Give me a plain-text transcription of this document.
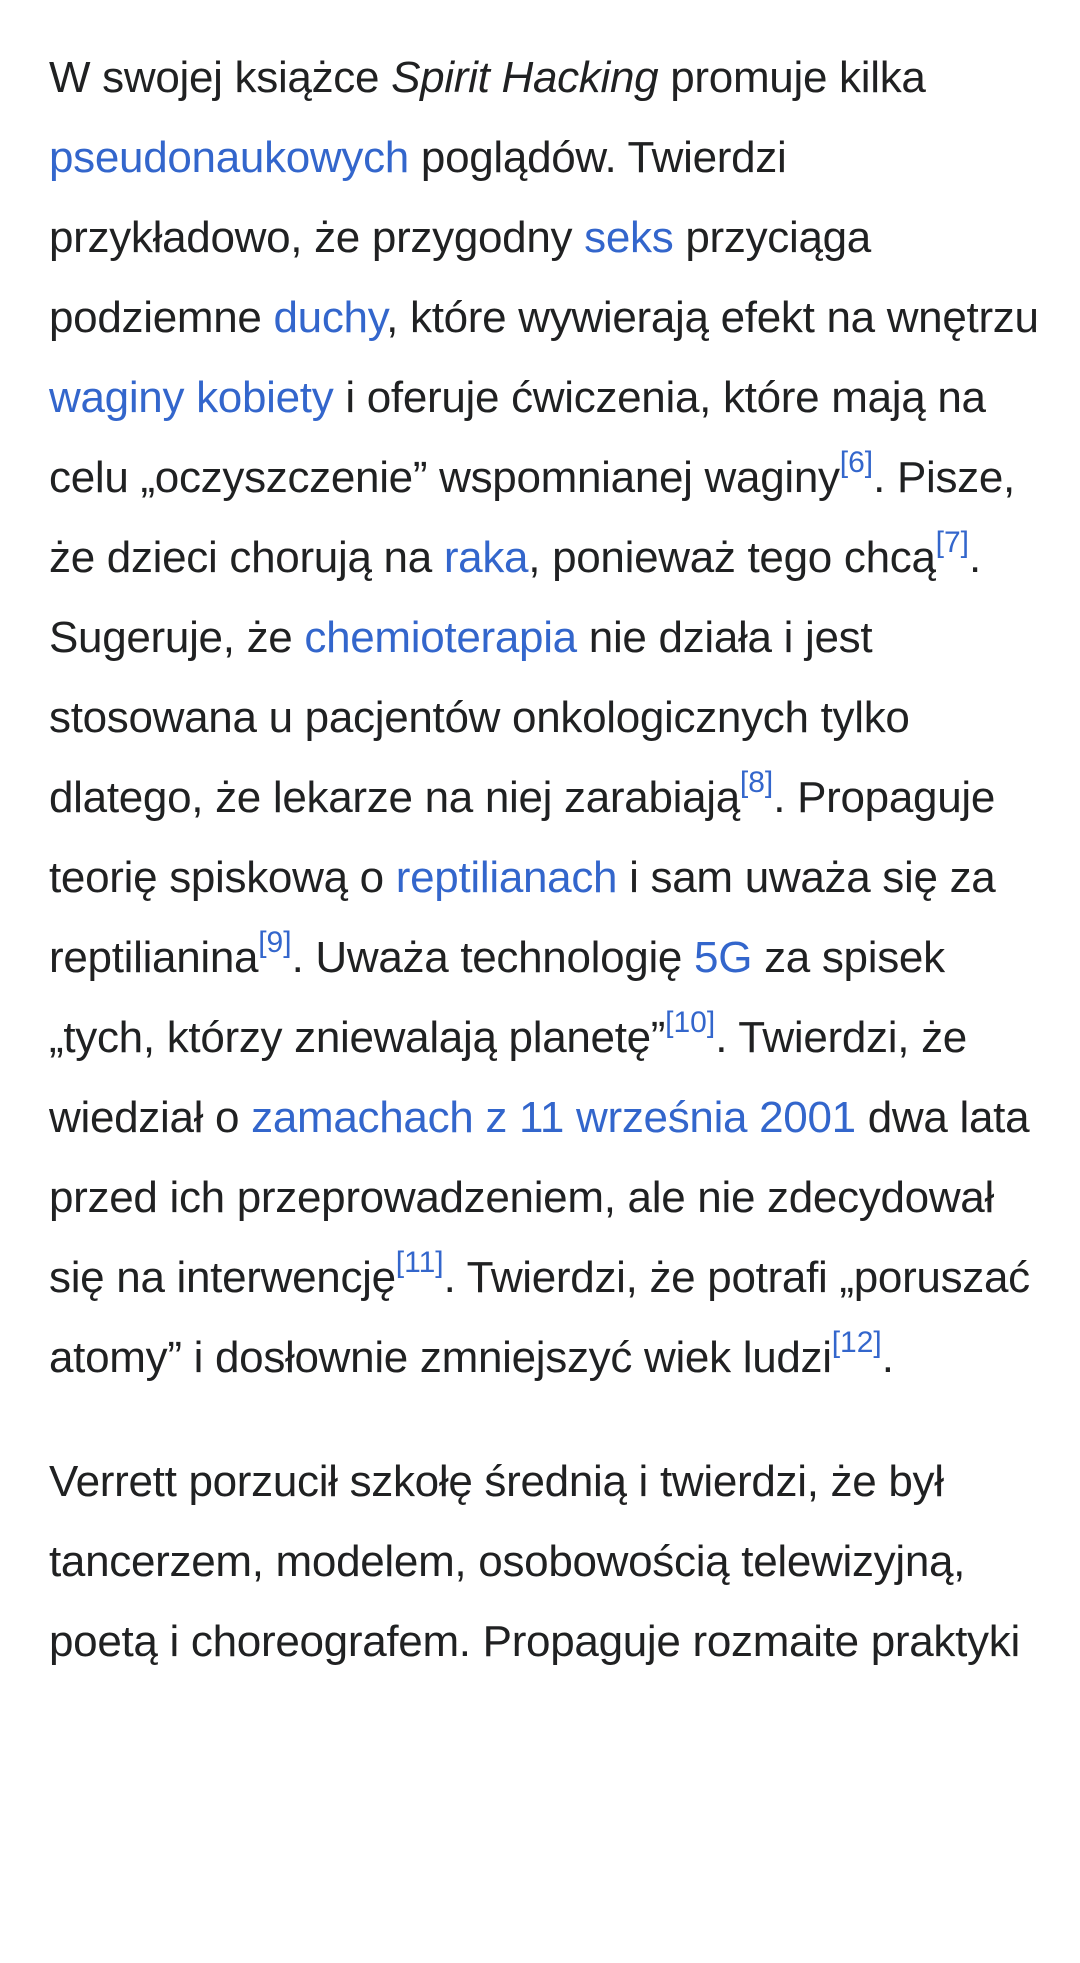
W swojej książce Spirit Hacking promuje kilka pseudonaukowych poglądów. Twierdzi przykładowo, że przygodny seks przyciąga podziemne duchy, które wywierają efekt na wnętrzu waginy kobiety i oferuje ćwiczenia, które mają na celu „oczyszczenie” wspomnianej waginy[6]. Pisze, że dzieci chorują na raka, ponieważ tego chcą[7]. Sugeruje, że chemioterapia nie działa i jest stosowana u pacjentów onkologicznych tylko dlatego, że lekarze na niej zarabiają[8]. Propaguje teorię spiskową o reptilianach i sam uważa się za reptilianina[9]. Uważa technologię 5G za spisek „tych, którzy zniewalają planetę”[10]. Twierdzi, że wiedział o zamachach z 11 września 2001 dwa lata przed ich przeprowadzeniem, ale nie zdecydował się na interwencję[11]. Twierdzi, że potrafi „poruszać atomy” i dosłownie zmniejszyć wiek ludzi[12].

Verrett porzucił szkołę średnią i twierdzi, że był tancerzem, modelem, osobowością telewizyjną, poetą i choreografem. Propaguje rozmaite praktyki
